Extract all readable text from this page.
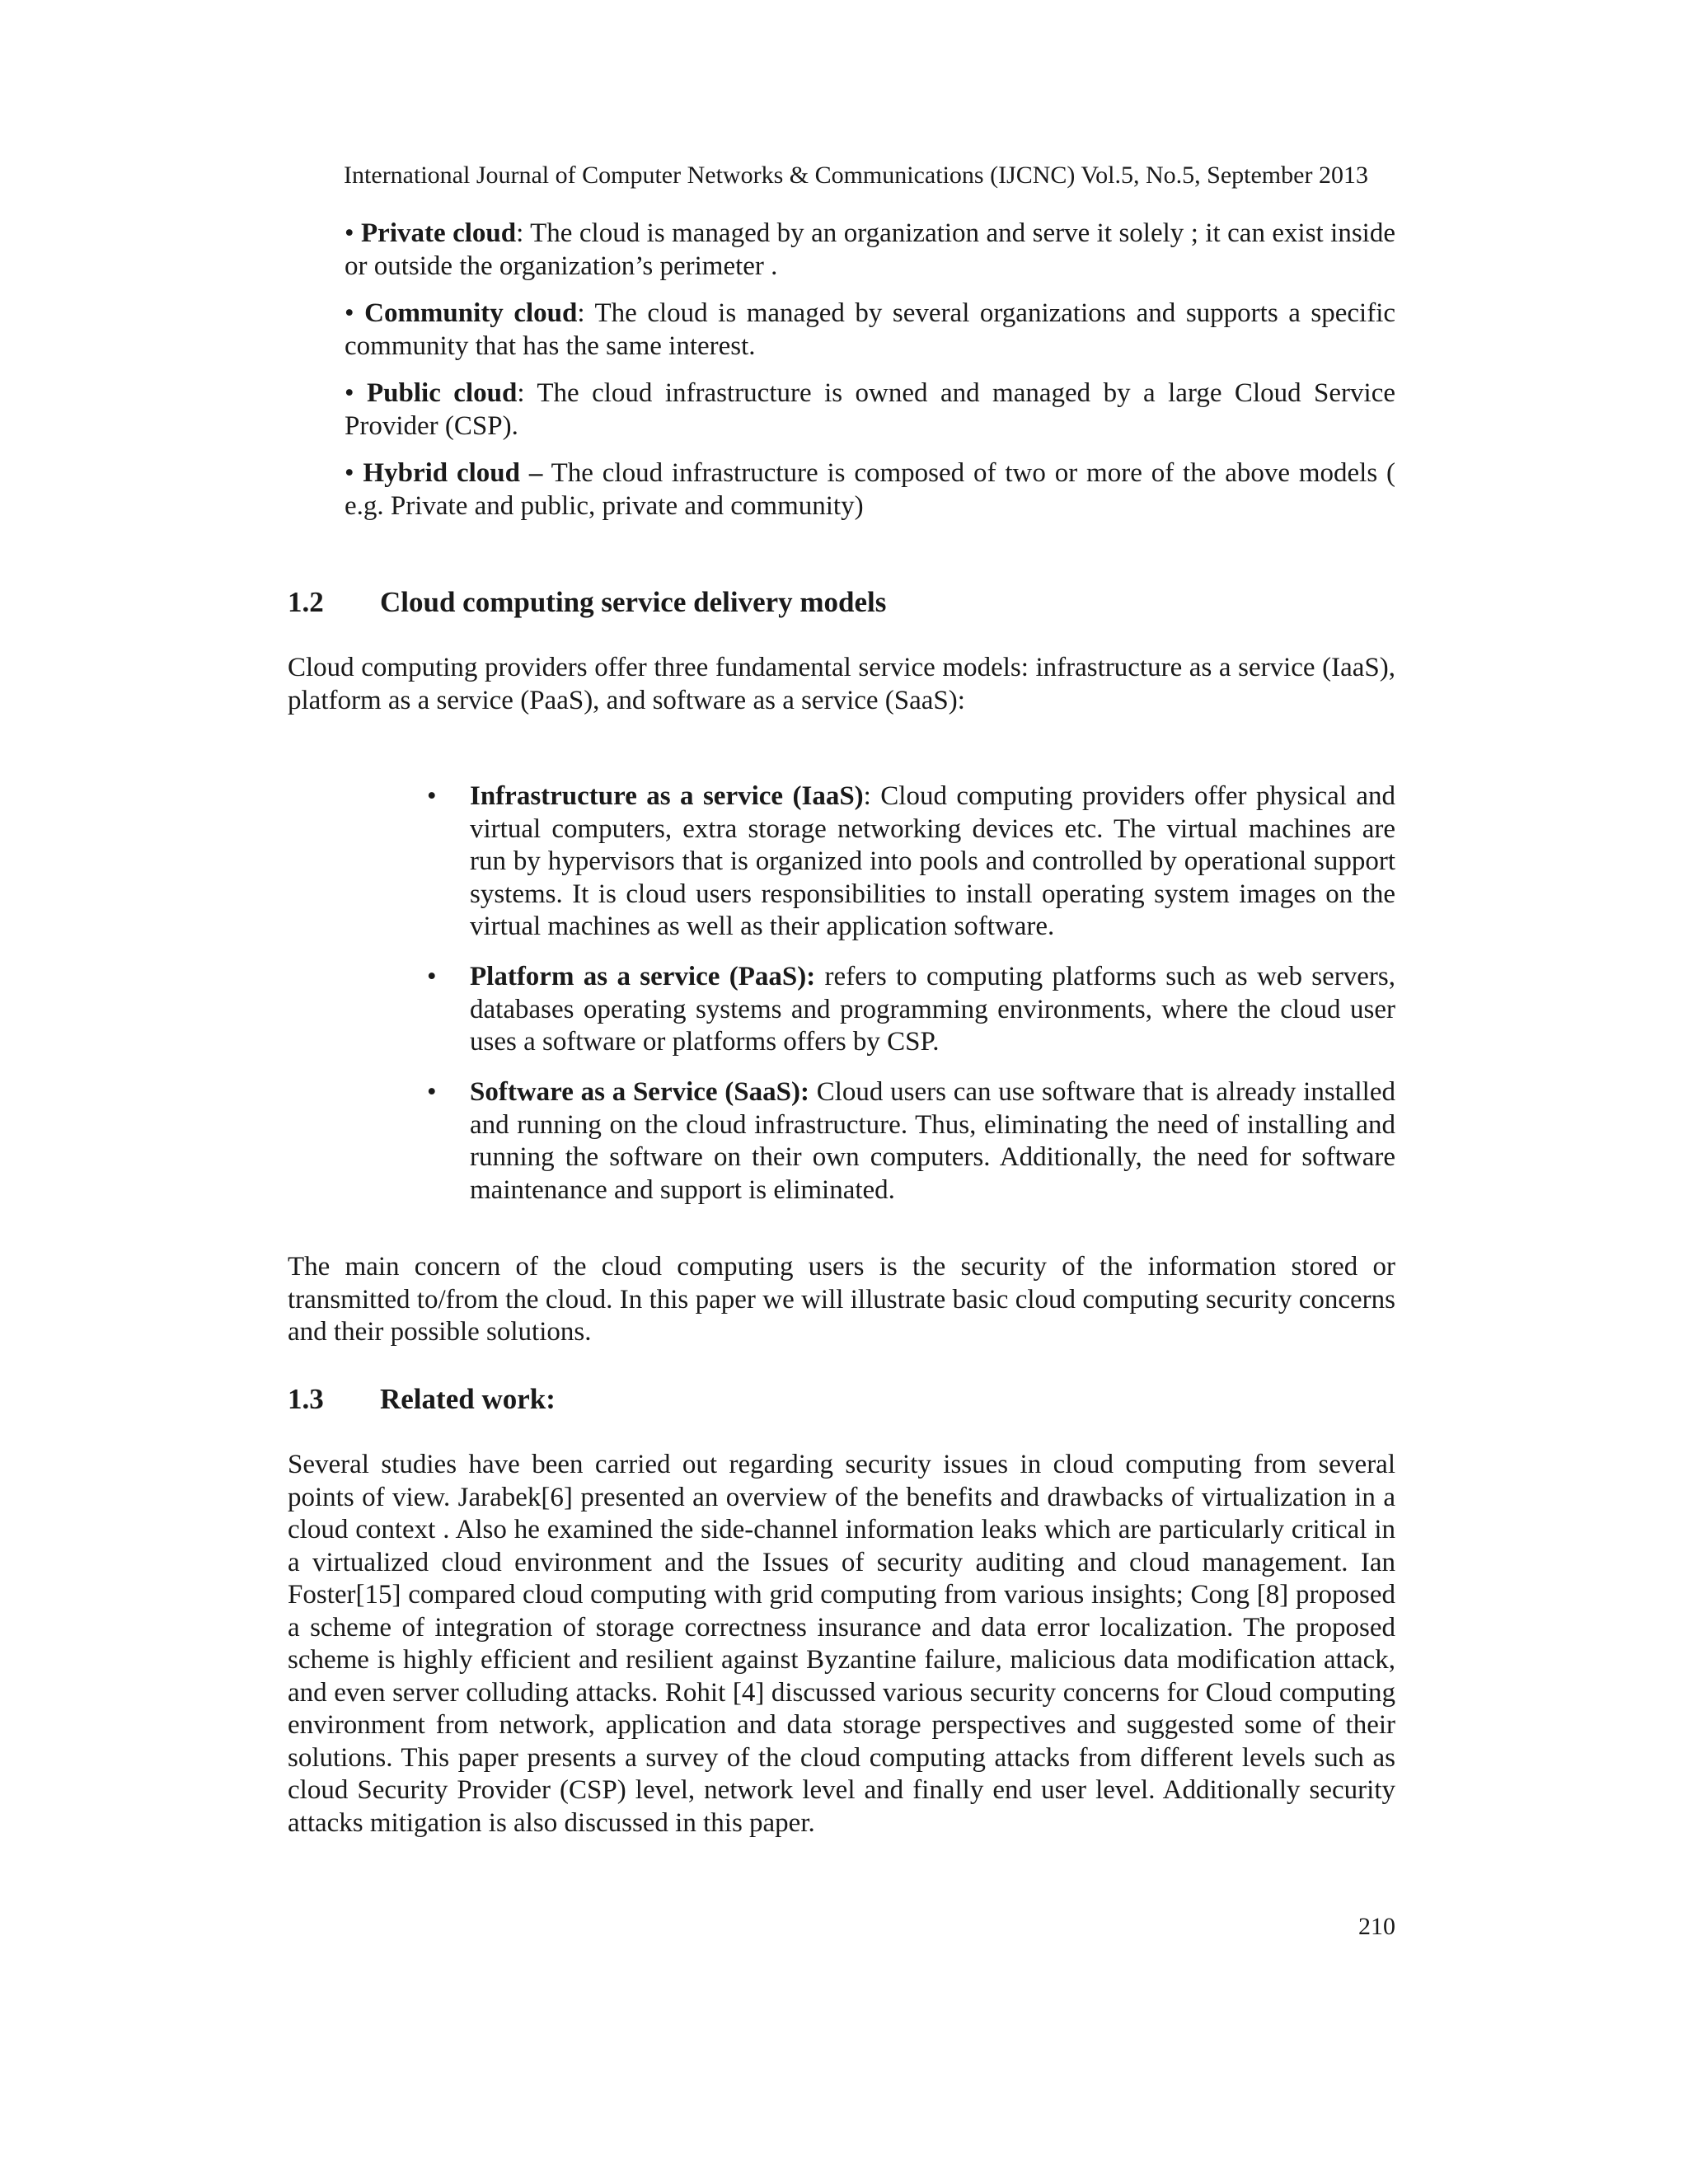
International Journal of Computer Networks & Communications (IJCNC) Vol.5, No.5, September 2013

• Private cloud: The cloud is managed by an organization and serve it solely ; it can exist inside or outside the organization’s perimeter .

• Community cloud: The cloud is managed by several organizations and supports a specific community that has the same interest.

• Public cloud: The cloud infrastructure is owned and managed by a large Cloud Service Provider (CSP).

• Hybrid cloud – The cloud infrastructure is composed of two or more of the above models ( e.g. Private and public, private and community)

1.2 Cloud computing service delivery models

Cloud computing providers offer three fundamental service models: infrastructure as a service (IaaS), platform as a service (PaaS), and software as a service (SaaS):

• Infrastructure as a service (IaaS): Cloud computing providers offer physical and virtual computers, extra storage networking devices etc. The virtual machines are run by hypervisors that is organized into pools and controlled by operational support systems. It is cloud users responsibilities to install operating system images on the virtual machines as well as their application software.

• Platform as a service (PaaS): refers to computing platforms such as web servers, databases operating systems and programming environments, where the cloud user uses a software or platforms offers by CSP.

• Software as a Service (SaaS): Cloud users can use software that is already installed and running on the cloud infrastructure. Thus, eliminating the need of installing and running the software on their own computers. Additionally, the need for software maintenance and support is eliminated.

The main concern of the cloud computing users is the security of the information stored or transmitted to/from the cloud. In this paper we will illustrate basic cloud computing security concerns and their possible solutions.

1.3 Related work:

Several studies have been carried out regarding security issues in cloud computing from several points of view. Jarabek[6] presented an overview of the benefits and drawbacks of virtualization in a cloud context . Also he examined the side-channel information leaks which are particularly critical in a virtualized cloud environment and the Issues of security auditing and cloud management. Ian Foster[15] compared cloud computing with grid computing from various insights; Cong [8] proposed a scheme of integration of storage correctness insurance and data error localization. The proposed scheme is highly efficient and resilient against Byzantine failure, malicious data modification attack, and even server colluding attacks. Rohit [4] discussed various security concerns for Cloud computing environment from network, application and data storage perspectives and suggested some of their solutions. This paper presents a survey of the cloud computing attacks from different levels such as cloud Security Provider (CSP) level, network level and finally end user level. Additionally security attacks mitigation is also discussed in this paper.

210
